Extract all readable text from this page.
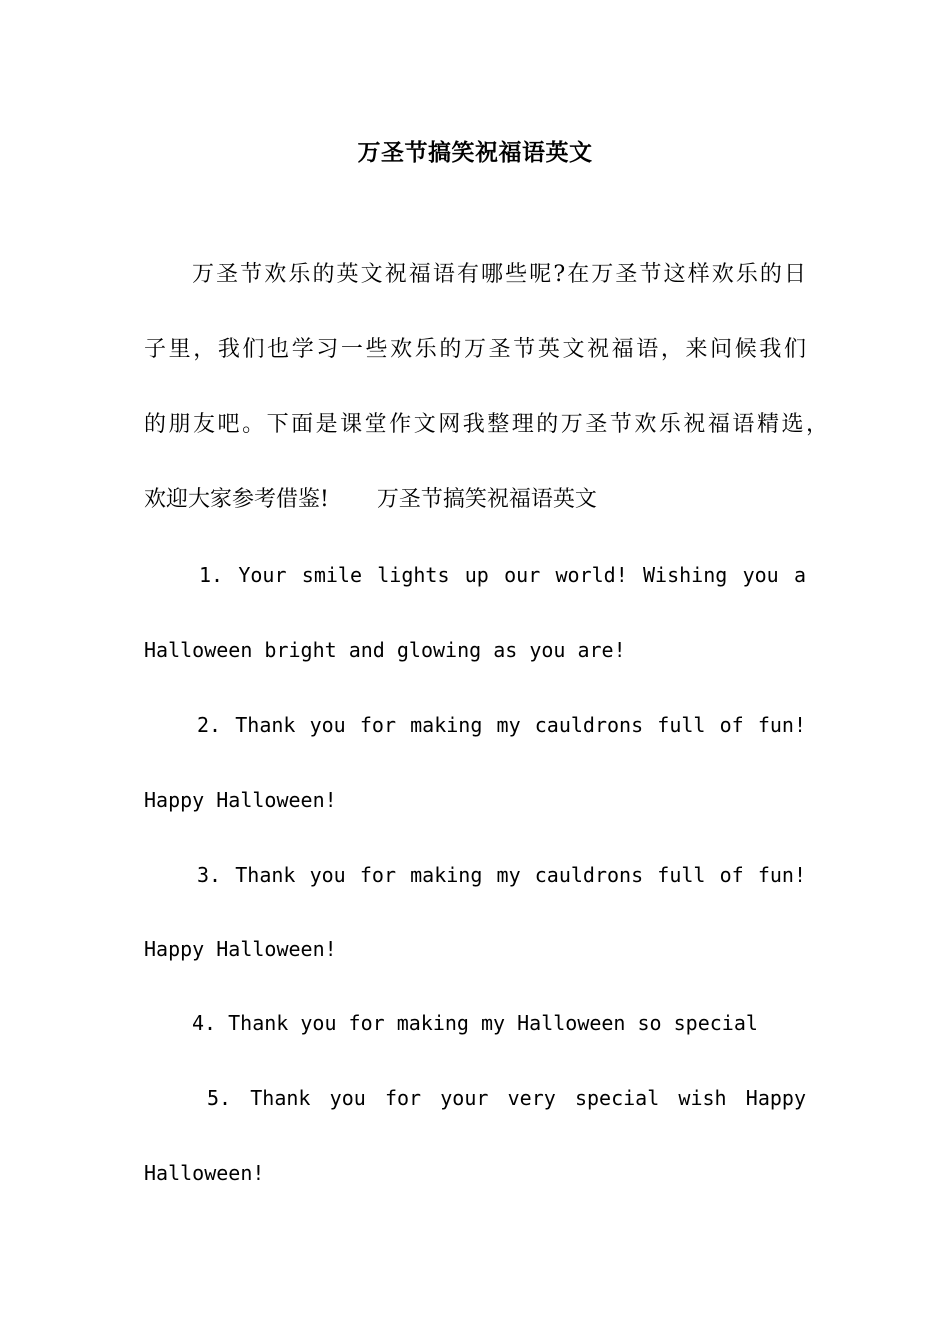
万圣节搞笑祝福语英文
万圣节欢乐的英文祝福语有哪些呢?在万圣节这样欢乐的日
子里，我们也学习一些欢乐的万圣节英文祝福语，来问候我们
的朋友吧。下面是课堂作文网我整理的万圣节欢乐祝福语精选，
欢迎大家参考借鉴! 万圣节搞笑祝福语英文
1. Your smile lights up our world! Wishing you a
Halloween bright and glowing as you are!
2. Thank you for making my cauldrons full of fun!
Happy Halloween!
3. Thank you for making my cauldrons full of fun!
Happy Halloween!
4. Thank you for making my Halloween so special
5. Thank you for your very special wish Happy
Halloween!
